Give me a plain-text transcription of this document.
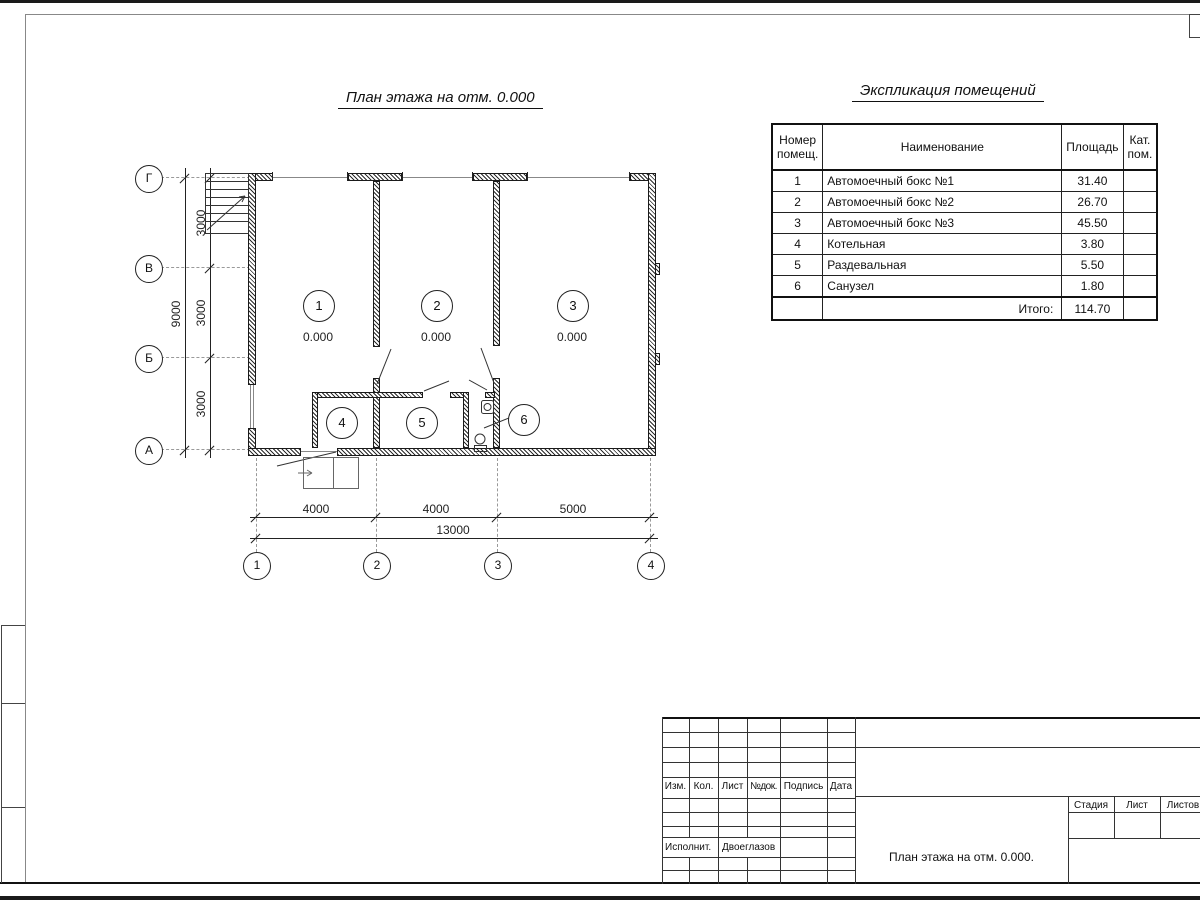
План этажа на отм. 0.000
Г
В
Б
А
9000
3000
3000
3000
1	2	3
4	5	6
0.000	0.000	0.000
4000	4000	5000
13000
1	2	3	4
Экспликация помещений
Номер помещ.	Наименование	Площадь	Кат. пом.
1	Автомоечный бокс №1	31.40	
2	Автомоечный бокс №2	26.70	
3	Автомоечный бокс №3	45.50	
4	Котельная	3.80	
5	Раздевальная	5.50	
6	Санузел	1.80	
	Итого:	114.70	
Изм. Кол. Лист №док. Подпись Дата
Исполнит. Двоеглазов
Стадия	Лист	Листов
План этажа на отм. 0.000.
